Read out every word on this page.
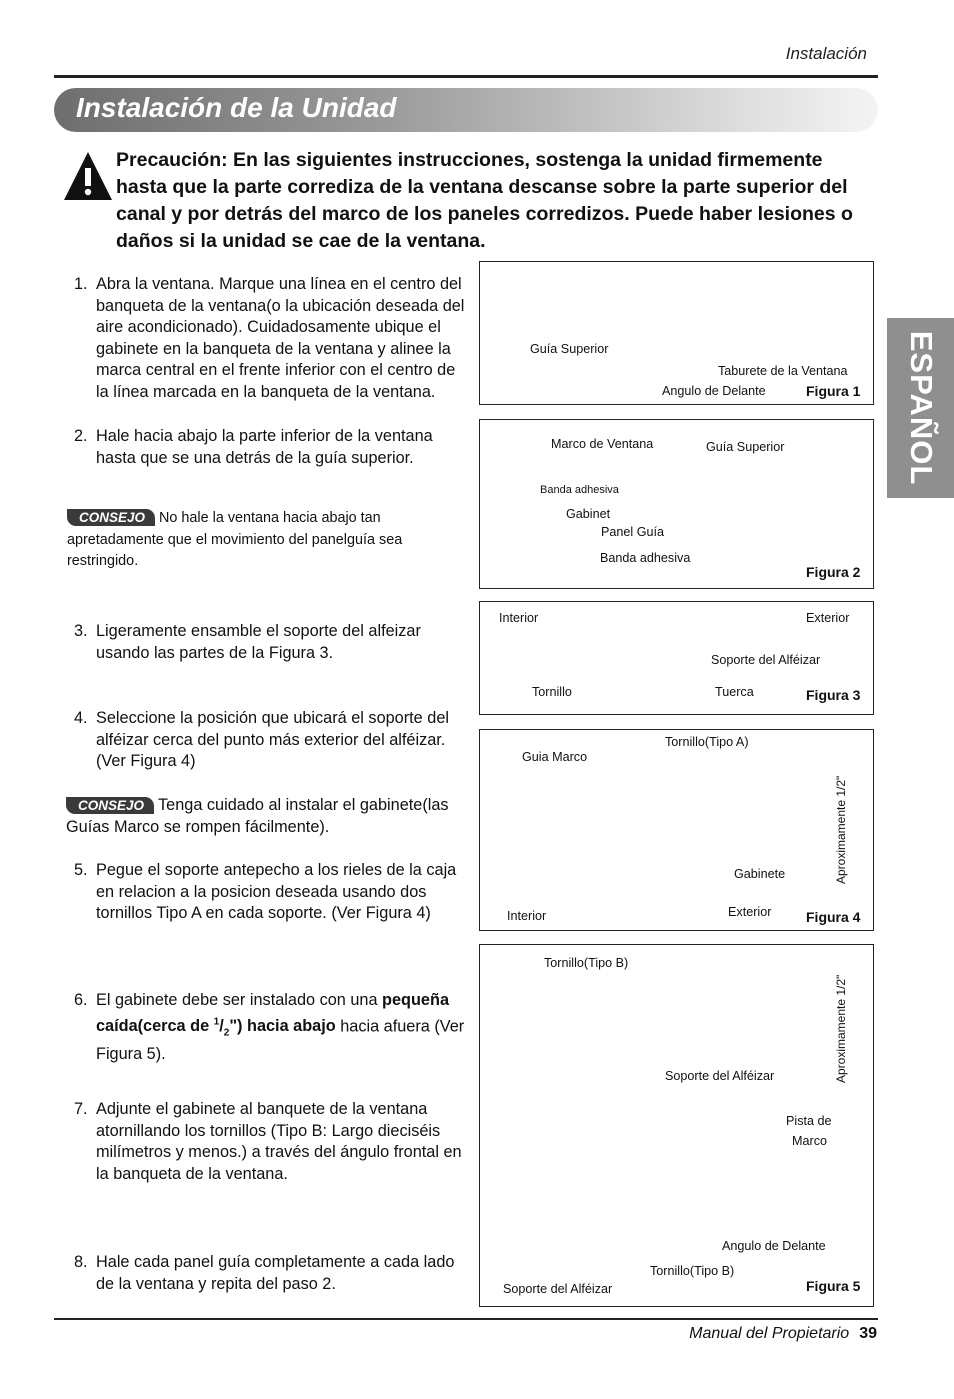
Instalación
Instalación de la Unidad
Precaución: En las siguientes instrucciones, sostenga la unidad firmemente hasta que la parte corrediza de la ventana descanse sobre la parte superior del canal y por detrás del marco de los paneles corredizos. Puede haber lesiones o daños si la unidad se cae de la ventana.
ESPAÑOL
1. Abra la ventana. Marque una línea en el centro del banqueta de la ventana(o la ubicación deseada del aire acondicionado). Cuidadosamente ubique el gabinete en la banqueta de la ventana y alinee la marca central en el frente inferior con el centro de la línea marcada en la banqueta de la ventana.
2. Hale hacia abajo la parte inferior de la ventana hasta que se una detrás de la guía superior.
CONSEJO No hale la ventana hacia abajo tan apretadamente que el movimiento del panelguía sea restringido.
3. Ligeramente ensamble el soporte del alfeizar usando las partes de la Figura 3.
4. Seleccione la posición que ubicará el soporte del alféizar cerca del punto más exterior del alféizar.(Ver Figura 4)
CONSEJO Tenga cuidado al instalar el gabinete(las Guías Marco se rompen fácilmente).
5. Pegue el soporte antepecho a los rieles de la caja en relacion a la posicion deseada usando dos tornillos Tipo A en cada soporte. (Ver Figura 4)
6. El gabinete debe ser instalado con una pequeña caída(cerca de $^1/_2$") hacia abajo hacia afuera (Ver Figura 5).
7. Adjunte el gabinete al banquete de la ventana atornillando los tornillos (Tipo B: Largo dieciséis milímetros y menos.) a través del ángulo frontal en la banqueta de la ventana.
8. Hale cada panel guía completamente a cada lado de la ventana y repita del paso 2.
Guía Superior
Taburete de la Ventana
Angulo de Delante	Figura 1
Marco de Ventana	Guía Superior
Banda adhesiva
Gabinet
Panel Guía
Banda adhesiva
Figura 2
Interior	Exterior
Soporte del Alféizar
Tornillo	Tuerca	Figura 3
Guia Marco
Tornillo(Tipo A)
Aproximamente 1/2"
Gabinete
Interior	Exterior Figura 4
Tornillo(Tipo B)
Aproximamente 1/2"
Soporte del Alféizar
Pista de
Marco
Angulo de Delante
Tornillo(Tipo B)
Soporte del Alféizar	Figura 5
Manual del Propietario 39
